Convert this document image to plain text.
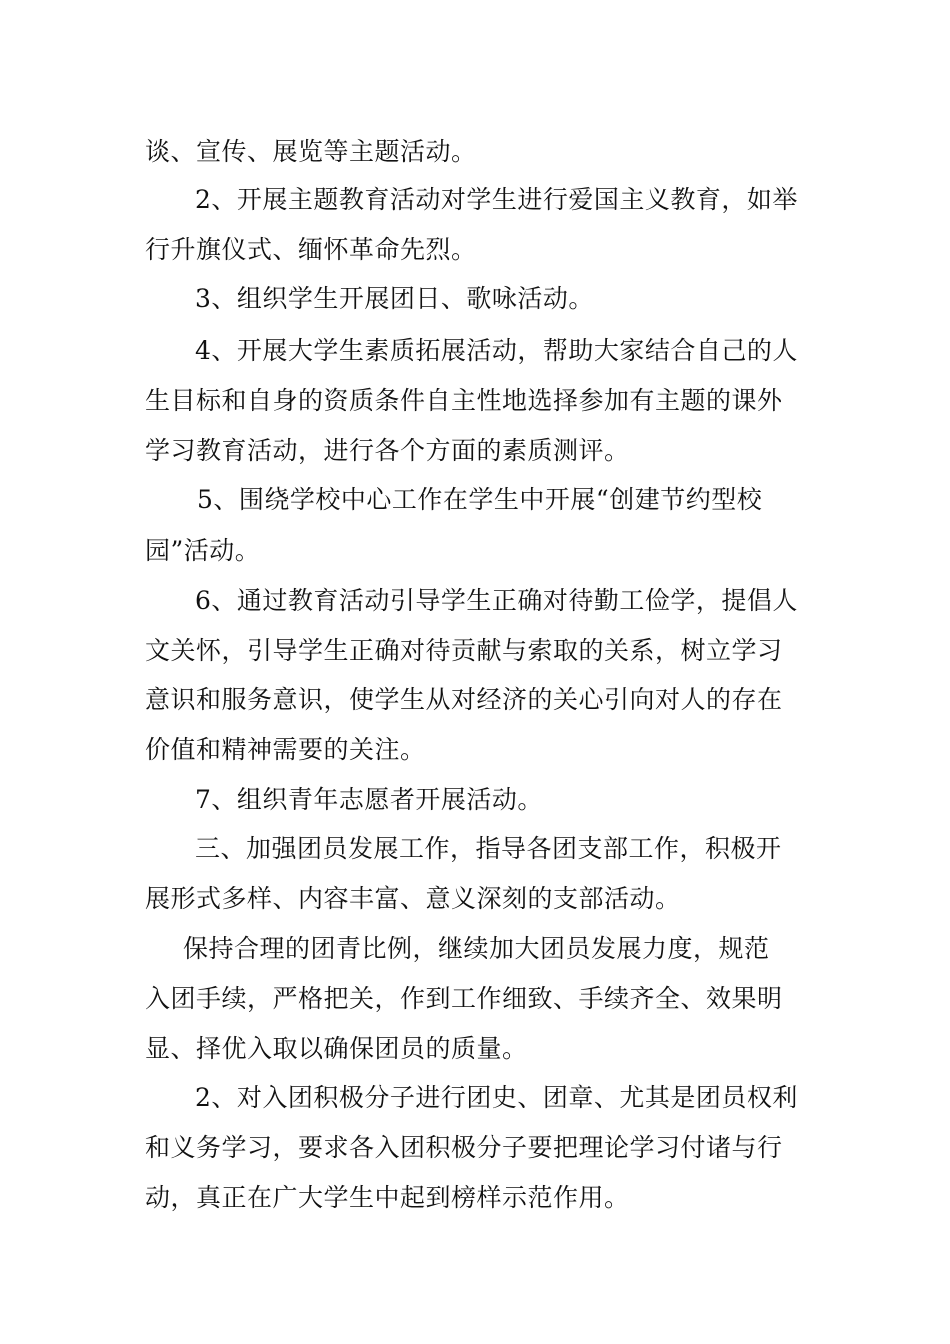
谈、宣传、展览等主题活动。
2、开展主题教育活动对学生进行爱国主义教育，如举
行升旗仪式、缅怀革命先烈。
3、组织学生开展团日、歌咏活动。
4、开展大学生素质拓展活动，帮助大家结合自己的人
生目标和自身的资质条件自主性地选择参加有主题的课外
学习教育活动，进行各个方面的素质测评。
5、围绕学校中心工作在学生中开展“创建节约型校
园”活动。
6、通过教育活动引导学生正确对待勤工俭学，提倡人
文关怀，引导学生正确对待贡献与索取的关系，树立学习
意识和服务意识，使学生从对经济的关心引向对人的存在
价值和精神需要的关注。
7、组织青年志愿者开展活动。
三、加强团员发展工作，指导各团支部工作，积极开
展形式多样、内容丰富、意义深刻的支部活动。
保持合理的团青比例，继续加大团员发展力度，规范
入团手续，严格把关，作到工作细致、手续齐全、效果明
显、择优入取以确保团员的质量。
2、对入团积极分子进行团史、团章、尤其是团员权利
和义务学习，要求各入团积极分子要把理论学习付诸与行
动，真正在广大学生中起到榜样示范作用。
